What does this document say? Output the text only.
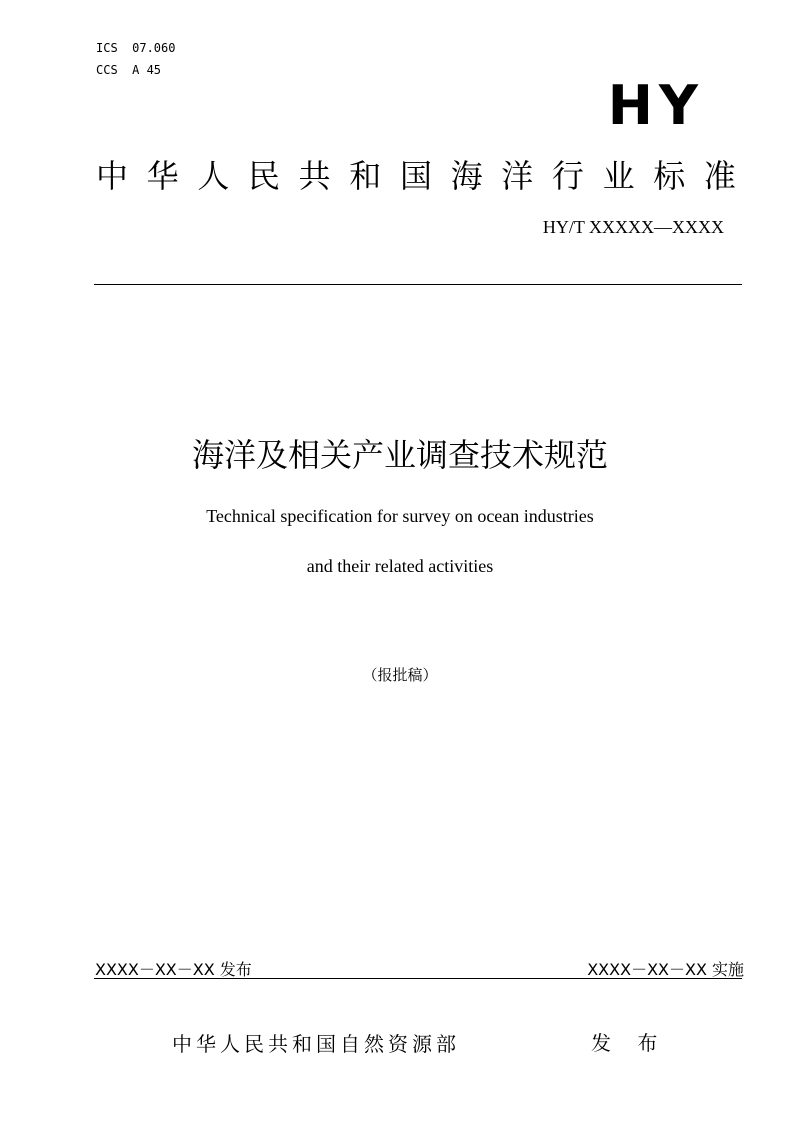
ICS  07.060
CCS  A 45
HY
中 华 人 民 共 和 国 海 洋 行 业 标 准
HY/T XXXXX—XXXX
海洋及相关产业调查技术规范
Technical specification for survey on ocean industries
and their related activities
（报批稿）
XXXX－XX－XX 发布	XXXX－XX－XX 实施
中华人民共和国自然资源部	发 布
